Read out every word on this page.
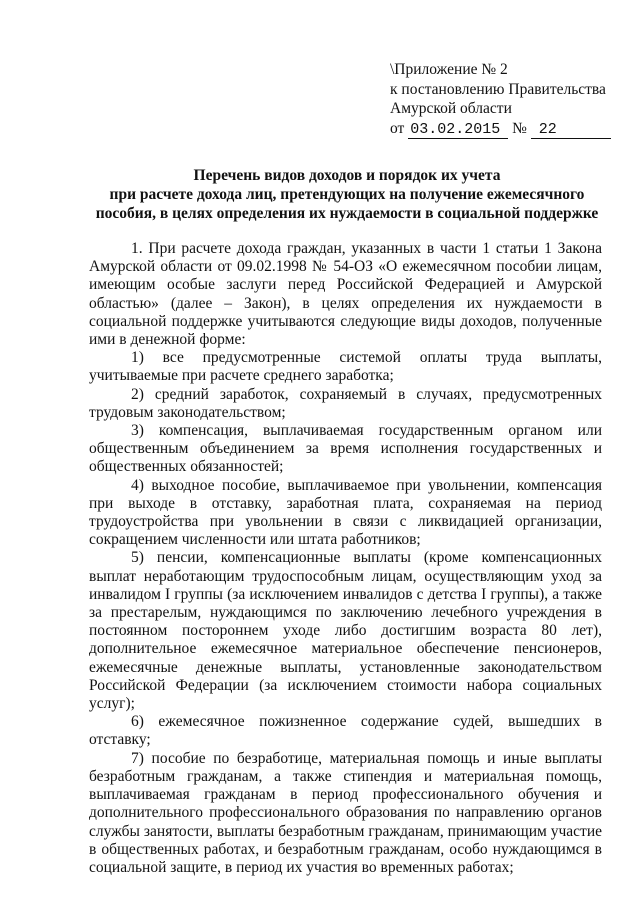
\Приложение № 2
к постановлению Правительства
Амурской области
от 03.02.2015 № 22
Перечень видов доходов и порядок их учета
при расчете дохода лиц, претендующих на получение ежемесячного
пособия, в целях определения их нуждаемости в социальной поддержке

1. При расчете дохода граждан, указанных в части 1 статьи 1 Закона Амурской области от 09.02.1998 № 54-ОЗ «О ежемесячном пособии лицам, имеющим особые заслуги перед Российской Федерацией и Амурской областью» (далее – Закон), в целях определения их нуждаемости в социальной поддержке учитываются следующие виды доходов, полученные ими в денежной форме:

1) все предусмотренные системой оплаты труда выплаты, учитываемые при расчете среднего заработка;

2) средний заработок, сохраняемый в случаях, предусмотренных трудовым законодательством;

3) компенсация, выплачиваемая государственным органом или общественным объединением за время исполнения государственных и общественных обязанностей;

4) выходное пособие, выплачиваемое при увольнении, компенсация при выходе в отставку, заработная плата, сохраняемая на период трудоустройства при увольнении в связи с ликвидацией организации, сокращением численности или штата работников;

5) пенсии, компенсационные выплаты (кроме компенсационных выплат неработающим трудоспособным лицам, осуществляющим уход за инвалидом I группы (за исключением инвалидов с детства I группы), а также за престарелым, нуждающимся по заключению лечебного учреждения в постоянном постороннем уходе либо достигшим возраста 80 лет), дополнительное ежемесячное материальное обеспечение пенсионеров, ежемесячные денежные выплаты, установленные законодательством Российской Федерации (за исключением стоимости набора социальных услуг);

6) ежемесячное пожизненное содержание судей, вышедших в отставку;

7) пособие по безработице, материальная помощь и иные выплаты безработным гражданам, а также стипендия и материальная помощь, выплачиваемая гражданам в период профессионального обучения и дополнительного профессионального образования по направлению органов службы занятости, выплаты безработным гражданам, принимающим участие в общественных работах, и безработным гражданам, особо нуждающимся в социальной защите, в период их участия во временных работах;
